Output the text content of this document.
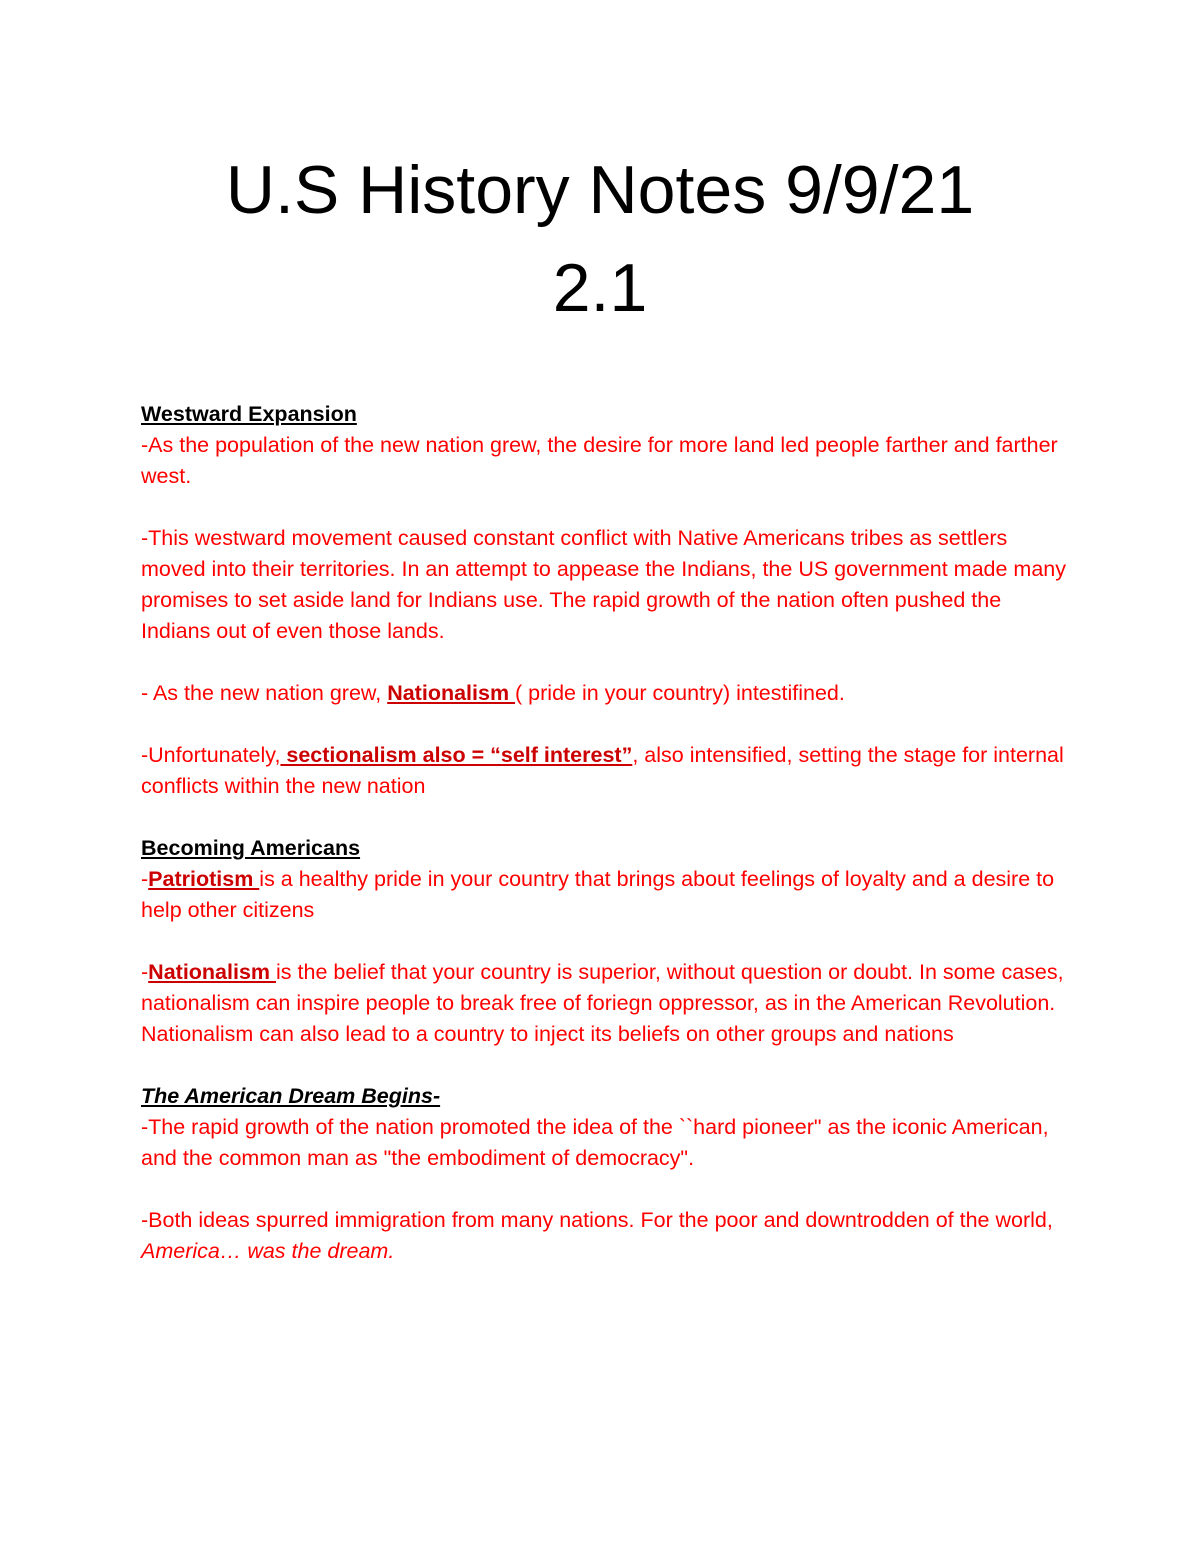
U.S History Notes 9/9/21
2.1
Westward Expansion

-As the population of the new nation grew, the desire for more land led people farther and farther west.

-This westward movement caused constant conflict with Native Americans tribes as settlers moved into their territories. In an attempt to appease the Indians, the US government made many promises to set aside land for Indians use. The rapid growth of the nation often pushed the Indians out of even those lands.

- As the new nation grew, Nationalism ( pride in your country) intestifined.

-Unfortunately, sectionalism also = “self interest”, also intensified, setting the stage for internal conflicts within the new nation

Becoming Americans

-Patriotism is a healthy pride in your country that brings about feelings of loyalty and a desire to help other citizens

-Nationalism is the belief that your country is superior, without question or doubt. In some cases, nationalism can inspire people to break free of foriegn oppressor, as in the American Revolution. Nationalism can also lead to a country to inject its beliefs on other groups and nations

The American Dream Begins-

-The rapid growth of the nation promoted the idea of the ``hard pioneer" as the iconic American, and the common man as "the embodiment of democracy".

-Both ideas spurred immigration from many nations. For the poor and downtrodden of the world, America… was the dream.
